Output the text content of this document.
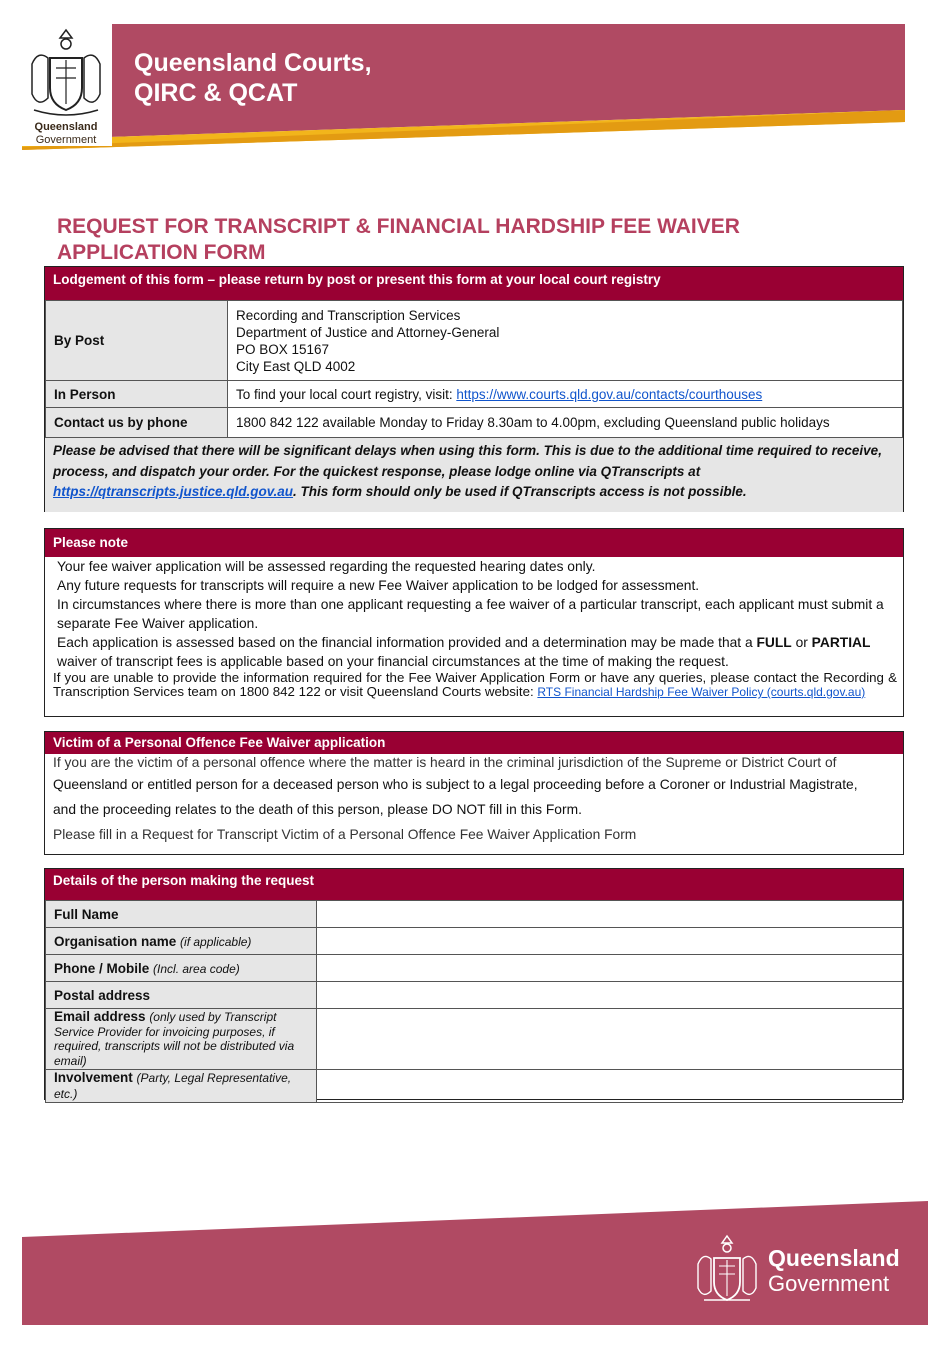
Queensland
Government
Queensland Courts,
QIRC & QCAT
REQUEST FOR TRANSCRIPT & FINANCIAL HARDSHIP FEE WAIVER
APPLICATION FORM
Lodgement of this form – please return by post or present this form at your local court registry
By Post	Recording and Transcription Services
Department of Justice and Attorney-General
PO BOX 15167
City East QLD 4002

In Person	To find your local court registry, visit: https://www.courts.qld.gov.au/contacts/courthouses
Contact us by phone	1800 842 122 available Monday to Friday 8.30am to 4.00pm, excluding Queensland public holidays
Please be advised that there will be significant delays when using this form. This is due to the additional time required to receive, process, and dispatch your order. For the quickest response, please lodge online via QTranscripts at https://qtranscripts.justice.qld.gov.au. This form should only be used if QTranscripts access is not possible.
Please note
Your fee waiver application will be assessed regarding the requested hearing dates only.
Any future requests for transcripts will require a new Fee Waiver application to be lodged for assessment.
In circumstances where there is more than one applicant requesting a fee waiver of a particular transcript, each applicant must submit a separate Fee Waiver application.
Each application is assessed based on the financial information provided and a determination may be made that a FULL or PARTIAL waiver of transcript fees is applicable based on your financial circumstances at the time of making the request.
If you are unable to provide the information required for the Fee Waiver Application Form or have any queries, please contact the Recording & Transcription Services team on 1800 842 122 or visit Queensland Courts website: RTS Financial Hardship Fee Waiver Policy (courts.qld.gov.au)
Victim of a Personal Offence Fee Waiver application
If you are the victim of a personal offence where the matter is heard in the criminal jurisdiction of the Supreme or District Court of
Queensland or entitled person for a deceased person who is subject to a legal proceeding before a Coroner or Industrial Magistrate,
and the proceeding relates to the death of this person, please DO NOT fill in this Form.
Please fill in a Request for Transcript Victim of a Personal Offence Fee Waiver Application Form
Details of the person making the request
Full Name	
Organisation name (if applicable)	
Phone / Mobile (Incl. area code)	
Postal address	
Email address (only used by Transcript Service Provider for invoicing purposes, if required, transcripts will not be distributed via email)	
Involvement (Party, Legal Representative, etc.)	
Queensland
Government
